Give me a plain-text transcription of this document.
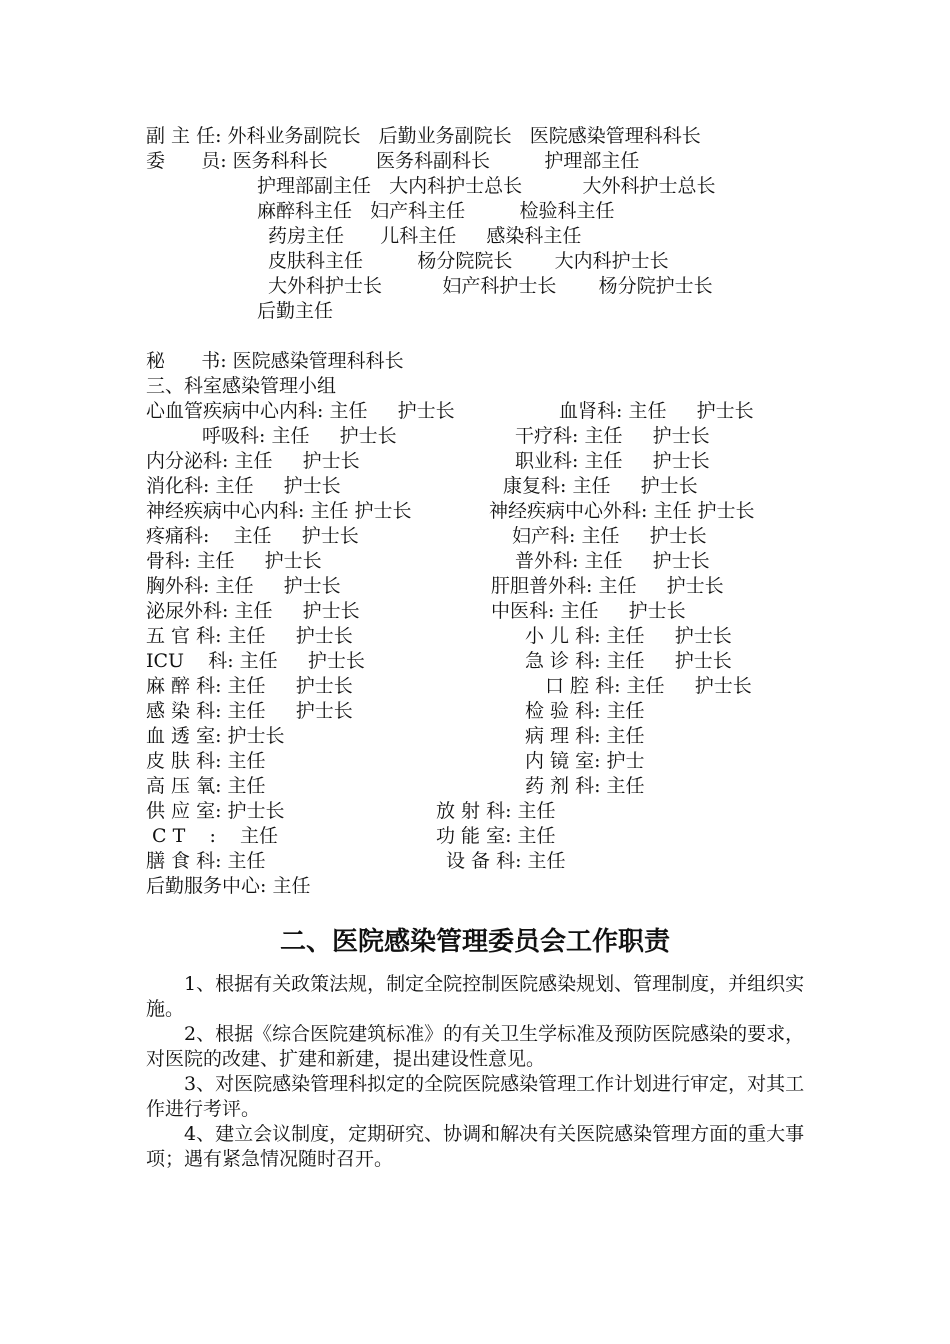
副 主 任: 外科业务副院长   后勤业务副院长   医院感染管理科科长
委      员: 医务科科长        医务科副科长         护理部主任
护理部副主任   大内科护士总长          大外科护士总长
麻醉科主任   妇产科主任         检验科主任
药房主任      儿科主任     感染科主任
皮肤科主任         杨分院院长       大内科护士长
大外科护士长          妇产科护士长       杨分院护士长
后勤主任
秘      书: 医院感染管理科科长
三、科室感染管理小组
心血管疾病中心内科: 主任     护士长
呼吸科: 主任     护士长
内分泌科: 主任     护士长
消化科: 主任     护士长
神经疾病中心内科: 主任 护士长
疼痛科:    主任     护士长
骨科: 主任     护士长
胸外科: 主任     护士长
泌尿外科: 主任     护士长
五 官 科: 主任     护士长
ICU    科: 主任     护士长
麻 醉 科: 主任     护士长
感 染 科: 主任     护士长
血 透 室: 护士长
皮 肤 科: 主任
高 压 氧: 主任
供 应 室: 护士长
C T    :    主任
膳 食 科: 主任
后勤服务中心: 主任
血肾科: 主任     护士长
干疗科: 主任     护士长
职业科: 主任     护士长
康复科: 主任     护士长
神经疾病中心外科: 主任 护士长
妇产科: 主任     护士长
普外科: 主任     护士长
肝胆普外科: 主任     护士长
中医科: 主任     护士长
小 儿 科: 主任     护士长
急 诊 科: 主任     护士长
口 腔 科: 主任     护士长
检 验 科: 主任
病 理 科: 主任
内 镜 室: 护士
药 剂 科: 主任
放 射 科: 主任
功 能 室: 主任
设 备 科: 主任
二、医院感染管理委员会工作职责
1、根据有关政策法规，制定全院控制医院感染规划、管理制度，并组织实施。
2、根据《综合医院建筑标准》的有关卫生学标准及预防医院感染的要求，对医院的改建、扩建和新建，提出建设性意见。
3、对医院感染管理科拟定的全院医院感染管理工作计划进行审定，对其工作进行考评。
4、建立会议制度，定期研究、协调和解决有关医院感染管理方面的重大事项；遇有紧急情况随时召开。
